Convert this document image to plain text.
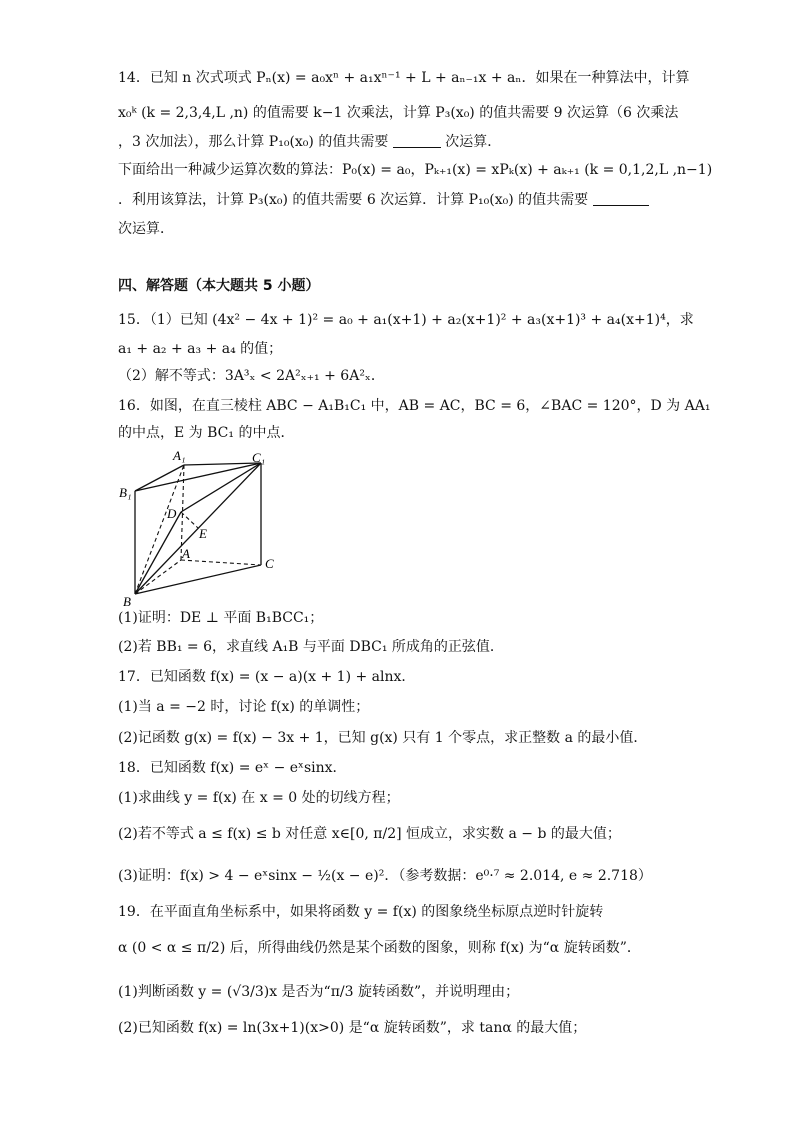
14．已知 n 次式项式 Pₙ(x) = a₀xⁿ + a₁xⁿ⁻¹ + L + aₙ₋₁x + aₙ．如果在一种算法中，计算
x₀ᵏ (k = 2,3,4,L ,n) 的值需要 k−1 次乘法，计算 P₃(x₀) 的值共需要 9 次运算（6 次乘法
，3 次加法），那么计算 P₁₀(x₀) 的值共需要	次运算．
下面给出一种减少运算次数的算法：P₀(x) = a₀，Pₖ₊₁(x) = xPₖ(x) + aₖ₊₁ (k = 0,1,2,L ,n−1)
．利用该算法，计算 P₃(x₀) 的值共需要 6 次运算．计算 P₁₀(x₀) 的值共需要
次运算．
四、解答题（本大题共 5 小题）
15．（1）已知 (4x² − 4x + 1)² = a₀ + a₁(x+1) + a₂(x+1)² + a₃(x+1)³ + a₄(x+1)⁴，求
a₁ + a₂ + a₃ + a₄ 的值；
（2）解不等式：3A³ₓ < 2A²ₓ₊₁ + 6A²ₓ．
16．如图，在直三棱柱 ABC − A₁B₁C₁ 中，AB = AC，BC = 6，∠BAC = 120°，D 为 AA₁
的中点，E 为 BC₁ 的中点．
A₁	C₁
B₁
D
E
A
C
B
(1)证明：DE ⊥ 平面 B₁BCC₁；
(2)若 BB₁ = 6，求直线 A₁B 与平面 DBC₁ 所成角的正弦值．
17．已知函数 f(x) = (x − a)(x + 1) + alnx．
(1)当 a = −2 时，讨论 f(x) 的单调性；
(2)记函数 g(x) = f(x) − 3x + 1，已知 g(x) 只有 1 个零点，求正整数 a 的最小值．
18．已知函数 f(x) = eˣ − eˣsinx．
(1)求曲线 y = f(x) 在 x = 0 处的切线方程；
(2)若不等式 a ≤ f(x) ≤ b 对任意 x∈[0, π/2] 恒成立，求实数 a − b 的最大值；
(3)证明：f(x) > 4 − eˣsinx − ½(x − e)²．（参考数据：e⁰·⁷ ≈ 2.014, e ≈ 2.718）
19．在平面直角坐标系中，如果将函数 y = f(x) 的图象绕坐标原点逆时针旋转
α (0 < α ≤ π/2) 后，所得曲线仍然是某个函数的图象，则称 f(x) 为“α 旋转函数”．
(1)判断函数 y = (√3/3)x 是否为“π/3 旋转函数”，并说明理由；
(2)已知函数 f(x) = ln(3x+1)(x>0) 是“α 旋转函数”，求 tanα 的最大值；
